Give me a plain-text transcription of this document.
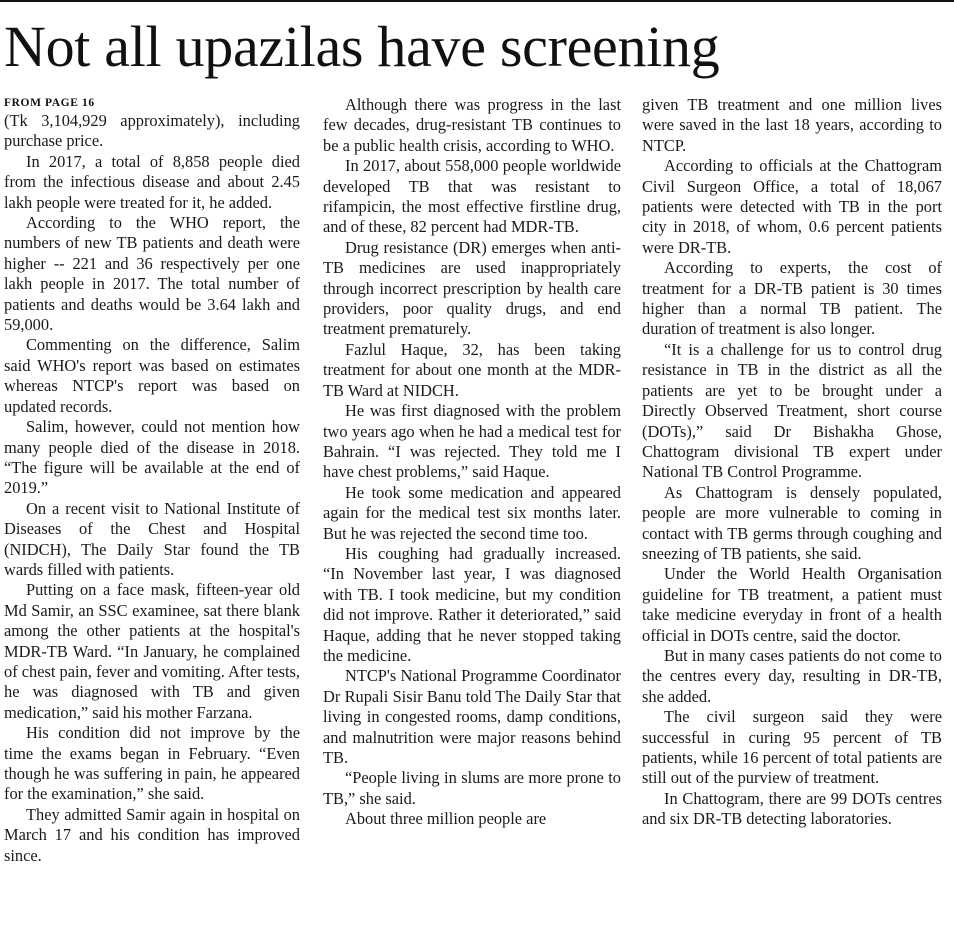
Not all upazilas have screening

FROM PAGE 16

(Tk 3,104,929 approximately), including purchase price.

In 2017, a total of 8,858 people died from the infectious disease and about 2.45 lakh people were treated for it, he added.

According to the WHO report, the numbers of new TB patients and death were higher -- 221 and 36 respectively per one lakh people in 2017. The total number of patients and deaths would be 3.64 lakh and 59,000.

Commenting on the difference, Salim said WHO's report was based on estimates whereas NTCP's report was based on updated records.

Salim, however, could not mention how many people died of the disease in 2018. “The figure will be available at the end of 2019.”

On a recent visit to National Institute of Diseases of the Chest and Hospital (NIDCH), The Daily Star found the TB wards filled with patients.

Putting on a face mask, fifteen-year old Md Samir, an SSC examinee, sat there blank among the other patients at the hospital's MDR-TB Ward. “In January, he complained of chest pain, fever and vomiting. After tests, he was diagnosed with TB and given medication,” said his mother Farzana.

His condition did not improve by the time the exams began in February. “Even though he was suffering in pain, he appeared for the examination,” she said.

They admitted Samir again in hospital on March 17 and his condition has improved since.

Although there was progress in the last few decades, drug-resistant TB continues to be a public health crisis, according to WHO.

In 2017, about 558,000 people worldwide developed TB that was resistant to rifampicin, the most effective firstline drug, and of these, 82 percent had MDR-TB.

Drug resistance (DR) emerges when anti-TB medicines are used inappropriately through incorrect prescription by health care providers, poor quality drugs, and end treatment prematurely.

Fazlul Haque, 32, has been taking treatment for about one month at the MDR-TB Ward at NIDCH.

He was first diagnosed with the problem two years ago when he had a medical test for Bahrain. “I was rejected. They told me I have chest problems,” said Haque.

He took some medication and appeared again for the medical test six months later. But he was rejected the second time too.

His coughing had gradually increased. “In November last year, I was diagnosed with TB. I took medicine, but my condition did not improve. Rather it deteriorated,” said Haque, adding that he never stopped taking the medicine.

NTCP's National Programme Coordinator Dr Rupali Sisir Banu told The Daily Star that living in congested rooms, damp conditions, and malnutrition were major reasons behind TB.

“People living in slums are more prone to TB,” she said.

About three million people are

given TB treatment and one million lives were saved in the last 18 years, according to NTCP.

According to officials at the Chattogram Civil Surgeon Office, a total of 18,067 patients were detected with TB in the port city in 2018, of whom, 0.6 percent patients were DR-TB.

According to experts, the cost of treatment for a DR-TB patient is 30 times higher than a normal TB patient. The duration of treatment is also longer.

“It is a challenge for us to control drug resistance in TB in the district as all the patients are yet to be brought under a Directly Observed Treatment, short course (DOTs),” said Dr Bishakha Ghose, Chattogram divisional TB expert under National TB Control Programme.

As Chattogram is densely populated, people are more vulnerable to coming in contact with TB germs through coughing and sneezing of TB patients, she said.

Under the World Health Organisation guideline for TB treatment, a patient must take medicine everyday in front of a health official in DOTs centre, said the doctor.

But in many cases patients do not come to the centres every day, resulting in DR-TB, she added.

The civil surgeon said they were successful in curing 95 percent of TB patients, while 16 percent of total patients are still out of the purview of treatment.

In Chattogram, there are 99 DOTs centres and six DR-TB detecting laboratories.
